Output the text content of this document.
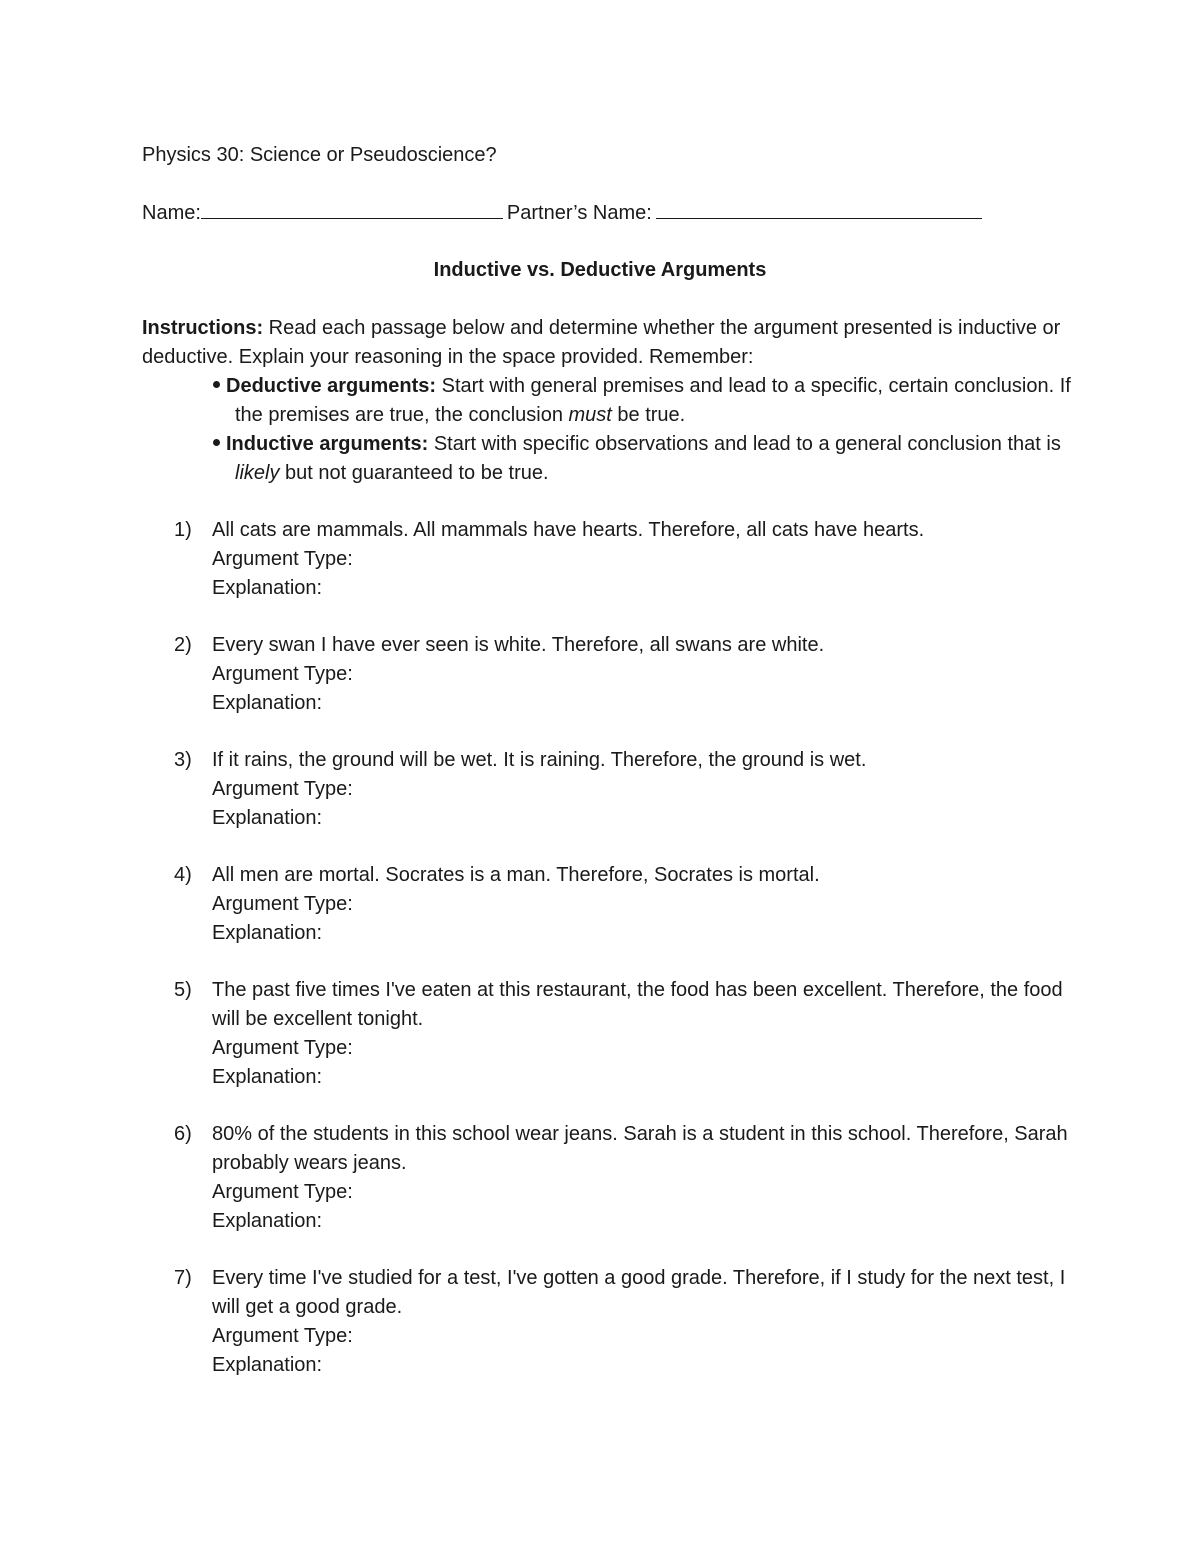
Physics 30: Science or Pseudoscience?
Name:	Partner’s Name:
Inductive vs. Deductive Arguments
Instructions: Read each passage below and determine whether the argument presented is inductive or deductive. Explain your reasoning in the space provided. Remember:
Deductive arguments: Start with general premises and lead to a specific, certain conclusion. If the premises are true, the conclusion must be true.
Inductive arguments: Start with specific observations and lead to a general conclusion that is likely but not guaranteed to be true.
1) All cats are mammals. All mammals have hearts. Therefore, all cats have hearts.
Argument Type:
Explanation:
2) Every swan I have ever seen is white. Therefore, all swans are white.
Argument Type:
Explanation:
3) If it rains, the ground will be wet. It is raining. Therefore, the ground is wet.
Argument Type:
Explanation:
4) All men are mortal. Socrates is a man. Therefore, Socrates is mortal.
Argument Type:
Explanation:
5) The past five times I've eaten at this restaurant, the food has been excellent. Therefore, the food will be excellent tonight.
Argument Type:
Explanation:
6) 80% of the students in this school wear jeans. Sarah is a student in this school. Therefore, Sarah probably wears jeans.
Argument Type:
Explanation:
7) Every time I've studied for a test, I've gotten a good grade. Therefore, if I study for the next test, I will get a good grade.
Argument Type:
Explanation:
